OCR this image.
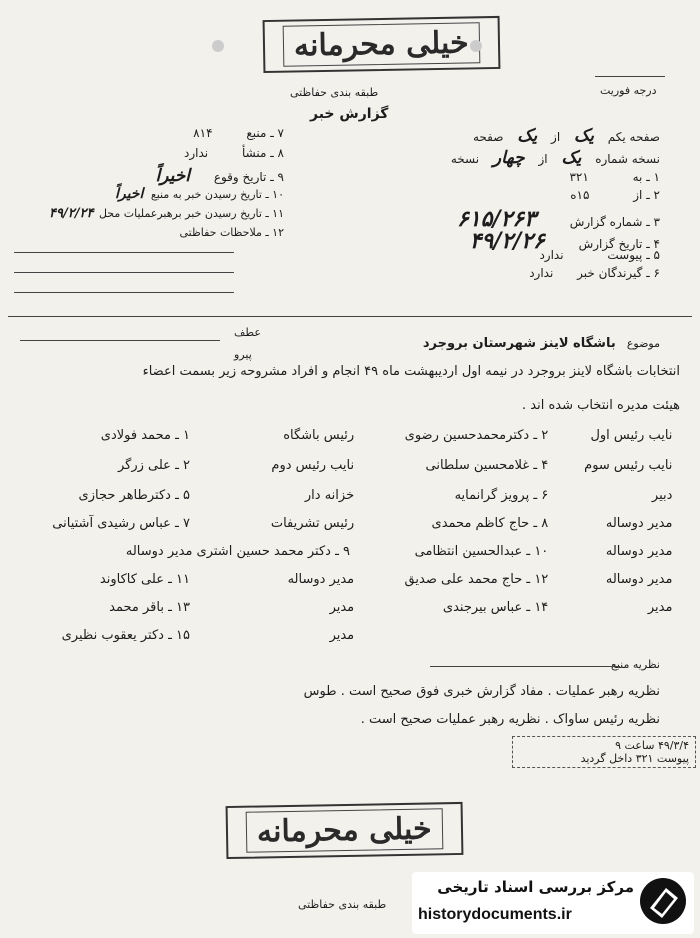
خیلی محرمانه
طبقه بندی حفاظتی
گزارش خبر
درجه فوریت
صفحه یکم یک از یک صفحه
نسخه شماره یک از چهار نسخه
۱ ـ به ۳۲۱
۲ ـ از ۱۵ه
۳ ـ شماره گزارش ۶۱۵/۲۶۳
۴ ـ تاریخ گزارش ۴۹/۲/۲۶
۵ ـ پیوست ندارد
۶ ـ گیرندگان خبر ندارد
۷ ـ منبع ۸۱۴
۸ ـ منشأ ندارد
۹ ـ تاریخ وقوع اخیراً
۱۰ ـ تاریخ رسیدن خبر به منبع اخیراً
۱۱ ـ تاریخ رسیدن خبر برهبرعملیات محل ۴۹/۲/۲۴
۱۲ ـ ملاحظات حفاظتی
عطف
پیرو
موضوع باشگاه لاینز شهرستان بروجرد
انتخابات باشگاه لاینز بروجرد در نیمه اول اردیبهشت ماه ۴۹ انجام و افراد مشروحه زیر بسمت اعضاء
هیئت مدیره انتخاب شده اند .
۱ ـ محمد فولادی	رئیس باشگاه	۲ ـ دکترمحمدحسین رضوی	نایب رئیس اول
۲ ـ علی زرگر	نایب رئیس دوم	۴ ـ غلامحسین سلطانی	نایب رئیس سوم
۵ ـ دکترطاهر حجازی	خزانه دار	۶ ـ پرویز گرانمایه	دبیر
۷ ـ عباس رشیدی آشتیانی	رئیس تشریفات	۸ ـ حاج کاظم محمدی	مدیر دوساله
۹ ـ دکتر محمد حسین اشتری مدیر دوساله	۱۰ ـ عبدالحسین انتظامی	مدیر دوساله
۱۱ ـ علی کاکاوند	مدیر دوساله	۱۲ ـ حاج محمد علی صدیق	مدیر دوساله
۱۳ ـ باقر محمد	مدیر	۱۴ ـ عباس بیرجندی	مدیر
۱۵ ـ دکتر یعقوب نظیری	مدیر
نظریه منبع
نظریه رهبر عملیات . مفاد گزارش خبری فوق صحیح است . طوس
نظریه رئیس ساواک . نظریه رهبر عملیات صحیح است .
۴۹/۳/۴ ساعت ۹
پیوست ۳۲۱ داخل گردید
خیلی محرمانه
طبقه بندی حفاظتی
مرکز بررسی اسناد تاریخی
historydocuments.ir
